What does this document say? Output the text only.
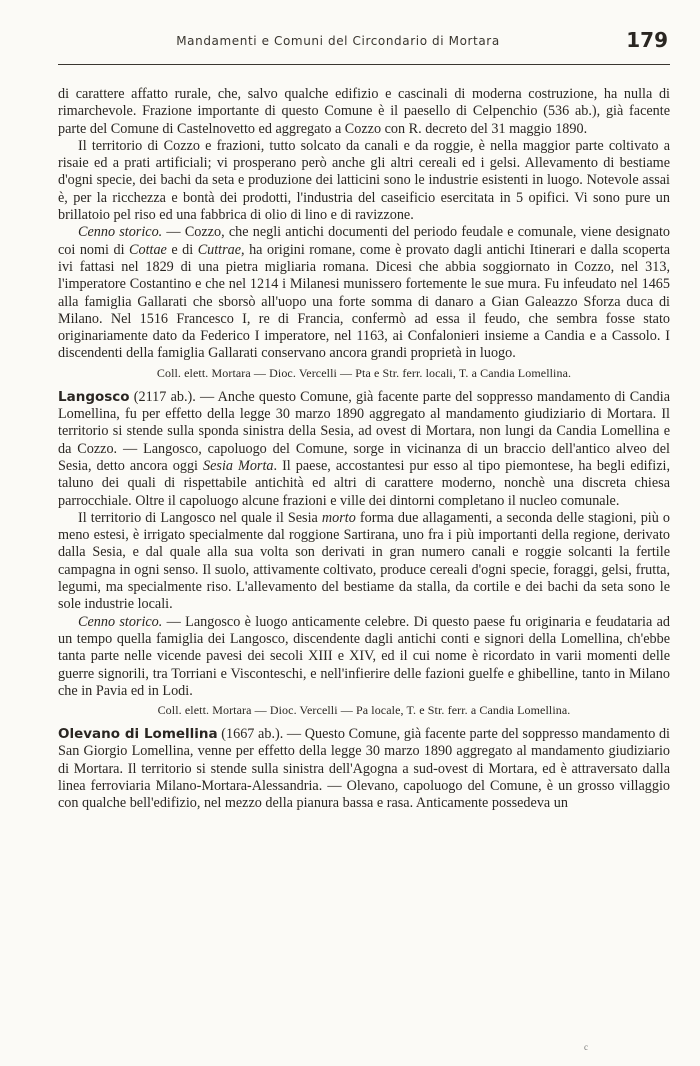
Mandamenti e Comuni del Circondario di Mortara	179

di carattere affatto rurale, che, salvo qualche edifizio e cascinali di moderna costruzione, ha nulla di rimarchevole. Frazione importante di questo Comune è il paesello di Celpenchio (536 ab.), già facente parte del Comune di Castelnovetto ed aggregato a Cozzo con R. decreto del 31 maggio 1890.

Il territorio di Cozzo e frazioni, tutto solcato da canali e da roggie, è nella maggior parte coltivato a risaie ed a prati artificiali; vi prosperano però anche gli altri cereali ed i gelsi. Allevamento di bestiame d'ogni specie, dei bachi da seta e produzione dei latticini sono le industrie esistenti in luogo. Notevole assai è, per la ricchezza e bontà dei prodotti, l'industria del caseificio esercitata in 5 opifici. Vi sono pure un brillatoio pel riso ed una fabbrica di olio di lino e di ravizzone.

Cenno storico. — Cozzo, che negli antichi documenti del periodo feudale e comunale, viene designato coi nomi di Cottae e di Cuttrae, ha origini romane, come è provato dagli antichi Itinerari e dalla scoperta ivi fattasi nel 1829 di una pietra migliaria romana. Dicesi che abbia soggiornato in Cozzo, nel 313, l'imperatore Costantino e che nel 1214 i Milanesi munissero fortemente le sue mura. Fu infeudato nel 1465 alla famiglia Gallarati che sborsò all'uopo una forte somma di danaro a Gian Galeazzo Sforza duca di Milano. Nel 1516 Francesco I, re di Francia, confermò ad essa il feudo, che sembra fosse stato originariamente dato da Federico I imperatore, nel 1163, ai Confalonieri insieme a Candia e a Cassolo. I discendenti della famiglia Gallarati conservano ancora grandi proprietà in luogo.

Coll. elett. Mortara — Dioc. Vercelli — Pta e Str. ferr. locali, T. a Candia Lomellina.

Langosco (2117 ab.). — Anche questo Comune, già facente parte del soppresso mandamento di Candia Lomellina, fu per effetto della legge 30 marzo 1890 aggregato al mandamento giudiziario di Mortara. Il territorio si stende sulla sponda sinistra della Sesia, ad ovest di Mortara, non lungi da Candia Lomellina e da Cozzo. — Langosco, capoluogo del Comune, sorge in vicinanza di un braccio dell'antico alveo del Sesia, detto ancora oggi Sesia Morta. Il paese, accostantesi pur esso al tipo piemontese, ha begli edifizi, taluno dei quali di rispettabile antichità ed altri di carattere moderno, nonchè una discreta chiesa parrocchiale. Oltre il capoluogo alcune frazioni e ville dei dintorni completano il nucleo comunale.

Il territorio di Langosco nel quale il Sesia morto forma due allagamenti, a seconda delle stagioni, più o meno estesi, è irrigato specialmente dal roggione Sartirana, uno fra i più importanti della regione, derivato dalla Sesia, e dal quale alla sua volta son derivati in gran numero canali e roggie solcanti la fertile campagna in ogni senso. Il suolo, attivamente coltivato, produce cereali d'ogni specie, foraggi, gelsi, frutta, legumi, ma specialmente riso. L'allevamento del bestiame da stalla, da cortile e dei bachi da seta sono le sole industrie locali.

Cenno storico. — Langosco è luogo anticamente celebre. Di questo paese fu originaria e feudataria ad un tempo quella famiglia dei Langosco, discendente dagli antichi conti e signori della Lomellina, ch'ebbe tanta parte nelle vicende pavesi dei secoli XIII e XIV, ed il cui nome è ricordato in varii momenti delle guerre signorili, tra Torriani e Visconteschi, e nell'infierire delle fazioni guelfe e ghibelline, tanto in Milano che in Pavia ed in Lodi.

Coll. elett. Mortara — Dioc. Vercelli — Pa locale, T. e Str. ferr. a Candia Lomellina.

Olevano di Lomellina (1667 ab.). — Questo Comune, già facente parte del soppresso mandamento di San Giorgio Lomellina, venne per effetto della legge 30 marzo 1890 aggregato al mandamento giudiziario di Mortara. Il territorio si stende sulla sinistra dell'Agogna a sud-ovest di Mortara, ed è attraversato dalla linea ferroviaria Milano-Mortara-Alessandria. — Olevano, capoluogo del Comune, è un grosso villaggio con qualche bell'edifizio, nel mezzo della pianura bassa e rasa. Anticamente possedeva un

c
